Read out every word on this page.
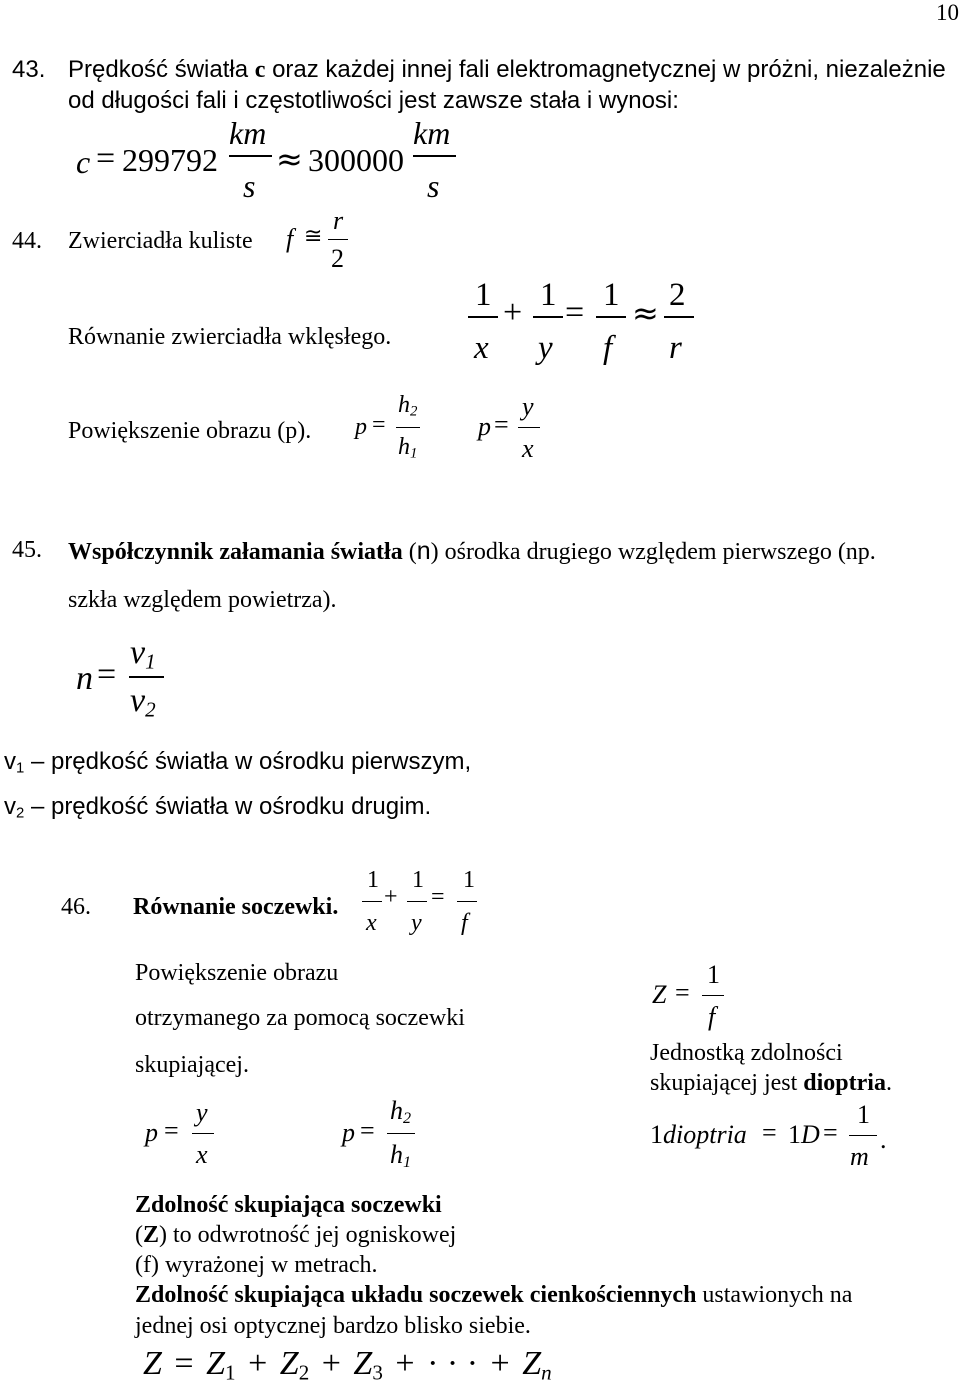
10
43. Prędkość światła c oraz każdej innej fali elektromagnetycznej w próżni, niezależnie
od długości fali i częstotliwości jest zawsze stała i wynosi:
c = 299792
km
s
≈ 300000
km
s
44. Zwierciadła kuliste f ≅
r
2
Równanie zwierciadła wklęsłego.
1
x
+ 1
y
= 1
f
≈ 2
r
Powiększenie obrazu (p). p =
$h_2$
$h_1$
p =
y
x
45. Współczynnik załamania światła (n) ośrodka drugiego względem pierwszego (np.
szkła względem powietrza).
n =
$v_1$
$v_2$
$v_1$ – prędkość światła w ośrodku pierwszym,
$v_2$ – prędkość światła w ośrodku drugim.
46. Równanie soczewki.
1
x
+
1
y
=
1
f
Powiększenie obrazu
otrzymanego za pomocą soczewki
skupiającej.
p =
y
x
p =
$h_2$
$h_1$
Z =
1
f
Jednostką zdolności
skupiającej jest dioptria.
1 dioptria = 1 D =
1
m
.
Zdolność skupiająca soczewki
(Z) to odwrotność jej ogniskowej
(f) wyrażonej w metrach.
Zdolność skupiająca układu soczewek cienkościennych ustawionych na
jednej osi optycznej bardzo blisko siebie.
$Z = Z_1 + Z_2 + Z_3$ + · · · + $Z_n$
